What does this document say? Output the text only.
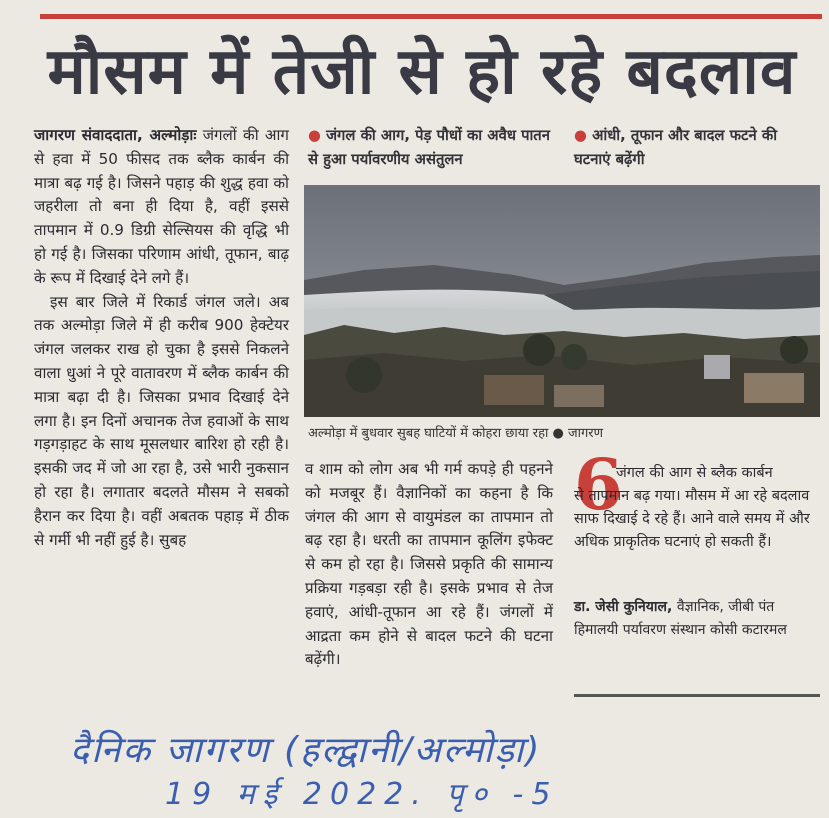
मौसम में तेजी से हो रहे बदलाव

जागरण संवाददाता, अल्मोड़ाः जंगलों की आग से हवा में 50 फीसद तक ब्लैक कार्बन की मात्रा बढ़ गई है। जिसने पहाड़ की शुद्ध हवा को जहरीला तो बना ही दिया है, वहीं इससे तापमान में 0.9 डिग्री सेल्सियस की वृद्धि भी हो गई है। जिसका परिणाम आंधी, तूफान, बाढ़ के रूप में दिखाई देने लगे हैं।

इस बार जिले में रिकार्ड जंगल जले। अब तक अल्मोड़ा जिले में ही करीब 900 हेक्टेयर जंगल जलकर राख हो चुका है इससे निकलने वाला धुआं ने पूरे वातावरण में ब्लैक कार्बन की मात्रा बढ़ा दी है। जिसका प्रभाव दिखाई देने लगा है। इन दिनों अचानक तेज हवाओं के साथ गड़गड़ाहट के साथ मूसलधार बारिश हो रही है। इसकी जद में जो आ रहा है, उसे भारी नुकसान हो रहा है। लगातार बदलते मौसम ने सबको हैरान कर दिया है। वहीं अबतक पहाड़ में ठीक से गर्मी भी नहीं हुई है। सुबह

● जंगल की आग, पेड़ पौधों का अवैध पातन से हुआ पर्यावरणीय असंतुलन
● आंधी, तूफान और बादल फटने की घटनाएं बढ़ेंगी
अल्मोड़ा में बुधवार सुबह घाटियों में कोहरा छाया रहा ● जागरण
व शाम को लोग अब भी गर्म कपड़े ही पहनने को मजबूर हैं। वैज्ञानिकों का कहना है कि जंगल की आग से वायुमंडल का तापमान तो बढ़ रहा है। धरती का तापमान कूलिंग इफेक्ट से कम हो रहा है। जिससे प्रकृति की सामान्य प्रक्रिया गड़बड़ा रही है। इसके प्रभाव से तेज हवाएं, आंधी-तूफान आ रहे हैं। जंगलों में आद्रता कम होने से बादल फटने की घटना बढ़ेंगी।
6
जंगल की आग से ब्लैक कार्बन
से तापमान बढ़ गया। मौसम में आ रहे बदलाव साफ दिखाई दे रहे हैं। आने वाले समय में और अधिक प्राकृतिक घटनाएं हो सकती हैं।
डा. जेसी कुनियाल, वैज्ञानिक, जीबी पंत हिमालयी पर्यावरण संस्थान कोसी कटारमल
दैनिक जागरण (हल्द्वानी/अल्मोड़ा)
19 मई 2022. पृ० -5
